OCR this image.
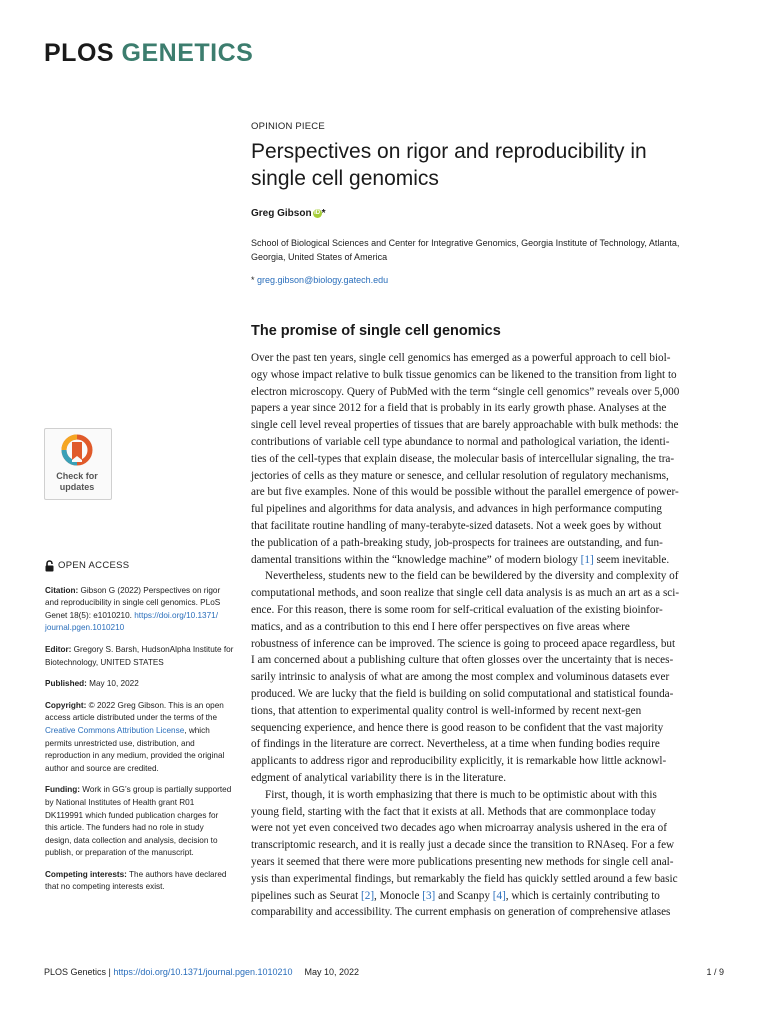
PLOS GENETICS
OPINION PIECE
Perspectives on rigor and reproducibility in
single cell genomics
Greg Gibson iD *
School of Biological Sciences and Center for Integrative Genomics, Georgia Institute of Technology, Atlanta,
Georgia, United States of America
* greg.gibson@biology.gatech.edu
The promise of single cell genomics
Over the past ten years, single cell genomics has emerged as a powerful approach to cell biol-
ogy whose impact relative to bulk tissue genomics can be likened to the transition from light to
electron microscopy. Query of PubMed with the term “single cell genomics” reveals over 5,000
papers a year since 2012 for a field that is probably in its early growth phase. Analyses at the
single cell level reveal properties of tissues that are barely approachable with bulk methods: the
contributions of variable cell type abundance to normal and pathological variation, the identi-
ties of the cell-types that explain disease, the molecular basis of intercellular signaling, the tra-
jectories of cells as they mature or senesce, and cellular resolution of regulatory mechanisms,
are but five examples. None of this would be possible without the parallel emergence of power-
ful pipelines and algorithms for data analysis, and advances in high performance computing
that facilitate routine handling of many-terabyte-sized datasets. Not a week goes by without
the publication of a path-breaking study, job-prospects for trainees are outstanding, and fun-
damental transitions within the “knowledge machine” of modern biology [1] seem inevitable.
Nevertheless, students new to the field can be bewildered by the diversity and complexity of
computational methods, and soon realize that single cell data analysis is as much an art as a sci-
ence. For this reason, there is some room for self-critical evaluation of the existing bioinfor-
matics, and as a contribution to this end I here offer perspectives on five areas where
robustness of inference can be improved. The science is going to proceed apace regardless, but
I am concerned about a publishing culture that often glosses over the uncertainty that is neces-
sarily intrinsic to analysis of what are among the most complex and voluminous datasets ever
produced. We are lucky that the field is building on solid computational and statistical founda-
tions, that attention to experimental quality control is well-informed by recent next-gen
sequencing experience, and hence there is good reason to be confident that the vast majority
of findings in the literature are correct. Nevertheless, at a time when funding bodies require
applicants to address rigor and reproducibility explicitly, it is remarkable how little acknowl-
edgment of analytical variability there is in the literature.
First, though, it is worth emphasizing that there is much to be optimistic about with this
young field, starting with the fact that it exists at all. Methods that are commonplace today
were not yet even conceived two decades ago when microarray analysis ushered in the era of
transcriptomic research, and it is really just a decade since the transition to RNAseq. For a few
years it seemed that there were more publications presenting new methods for single cell anal-
ysis than experimental findings, but remarkably the field has quickly settled around a few basic
pipelines such as Seurat [2], Monocle [3] and Scanpy [4], which is certainly contributing to
comparability and accessibility. The current emphasis on generation of comprehensive atlases
Check for
updates
OPEN ACCESS
Citation: Gibson G (2022) Perspectives on rigor
and reproducibility in single cell genomics. PLoS
Genet 18(5): e1010210. https://doi.org/10.1371/
journal.pgen.1010210
Editor: Gregory S. Barsh, HudsonAlpha Institute for
Biotechnology, UNITED STATES
Published: May 10, 2022
Copyright: © 2022 Greg Gibson. This is an open
access article distributed under the terms of the
Creative Commons Attribution License, which
permits unrestricted use, distribution, and
reproduction in any medium, provided the original
author and source are credited.
Funding: Work in GG’s group is partially supported
by National Institutes of Health grant R01
DK119991 which funded publication charges for
this article. The funders had no role in study
design, data collection and analysis, decision to
publish, or preparation of the manuscript.
Competing interests: The authors have declared
that no competing interests exist.
PLOS Genetics | https://doi.org/10.1371/journal.pgen.1010210 May 10, 2022	1 / 9
